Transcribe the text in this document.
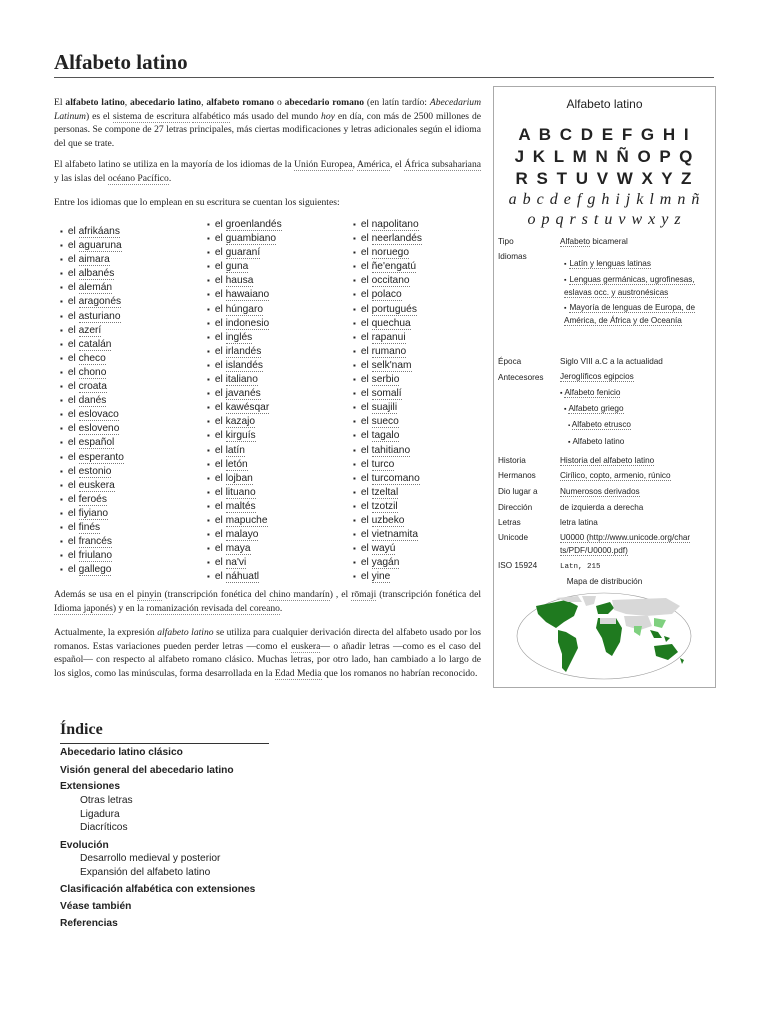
Alfabeto latino
El alfabeto latino, abecedario latino, alfabeto romano o abecedario romano (en latín tardío: Abecedarium Latinum) es el sistema de escritura alfabético más usado del mundo hoy en día, con más de 2500 millones de personas. Se compone de 27 letras principales, más ciertas modificaciones y letras adicionales según el idioma del que se trate.
El alfabeto latino se utiliza en la mayoría de los idiomas de la Unión Europea, América, el África subsahariana y las islas del océano Pacífico.
Entre los idiomas que lo emplean en su escritura se cuentan los siguientes:
▪ el afrikáans
▪ el aguaruna
▪ el aimara
▪ el albanés
▪ el alemán
▪ el aragonés
▪ el asturiano
▪ el azerí
▪ el catalán
▪ el checo
▪ el chono
▪ el croata
▪ el danés
▪ el eslovaco
▪ el esloveno
▪ el español
▪ el esperanto
▪ el estonio
▪ el euskera
▪ el feroés
▪ el fiyiano
▪ el finés
▪ el francés
▪ el friulano
▪ el gallego
▪ el groenlandés
▪ el guambiano
▪ el guaraní
▪ el guna
▪ el hausa
▪ el hawaiano
▪ el húngaro
▪ el indonesio
▪ el inglés
▪ el irlandés
▪ el islandés
▪ el italiano
▪ el javanés
▪ el kawésqar
▪ el kazajo
▪ el kirguís
▪ el latín
▪ el letón
▪ el lojban
▪ el lituano
▪ el maltés
▪ el mapuche
▪ el malayo
▪ el maya
▪ el na'vi
▪ el náhuatl
▪ el napolitano
▪ el neerlandés
▪ el noruego
▪ el ñe'engatú
▪ el occitano
▪ el polaco
▪ el portugués
▪ el quechua
▪ el rapanui
▪ el rumano
▪ el selk'nam
▪ el serbio
▪ el somalí
▪ el suajili
▪ el sueco
▪ el tagalo
▪ el tahitiano
▪ el turco
▪ el turcomano
▪ el tzeltal
▪ el tzotzil
▪ el uzbeko
▪ el vietnamita
▪ el wayú
▪ el yagán
▪ el yine
Además se usa en el pinyin (transcripción fonética del chino mandarín) , el rōmaji (transcripción fonética del Idioma japonés) y en la romanización revisada del coreano.
Actualmente, la expresión alfabeto latino se utiliza para cualquier derivación directa del alfabeto usado por los romanos. Estas variaciones pueden perder letras —como el euskera— o añadir letras —como es el caso del español— con respecto al alfabeto romano clásico. Muchas letras, por otro lado, han cambiado a lo largo de los siglos, como las minúsculas, forma desarrollada en la Edad Media que los romanos no habrían reconocido.
Alfabeto latino
A B C D E F G H I
J K L M N Ñ O P Q
R S T U V W X Y Z
a b c d e f g h i j k l m n ñ
o p q r s t u v w x y z
Tipo	Alfabeto bicameral
Idiomas
▪ Latín y lenguas latinas
▪ Lenguas germánicas, ugrofinesas, eslavas occ. y austronésicas
▪ Mayoría de lenguas de Europa, de América, de África y de Oceanía
Época	Siglo VIII a.C a la actualidad
Antecesores Jeroglíficos egipcios
▪ Alfabeto fenicio
▪ Alfabeto griego
▪ Alfabeto etrusco
▪ Alfabeto latino
Historia	Historia del alfabeto latino
Hermanos	Cirílico, copto, armenio, rúnico
Dio lugar a	Numerosos derivados
Dirección	de izquierda a derecha
Letras	letra latina
Unicode	U0000 (http://www.unicode.org/char
ts/PDF/U0000.pdf)
ISO 15924	Latn, 215
Mapa de distribución
Índice
Abecedario latino clásico
Visión general del abecedario latino
Extensiones
Otras letras
Ligadura
Diacríticos
Evolución
Desarrollo medieval y posterior
Expansión del alfabeto latino
Clasificación alfabética con extensiones
Véase también
Referencias
